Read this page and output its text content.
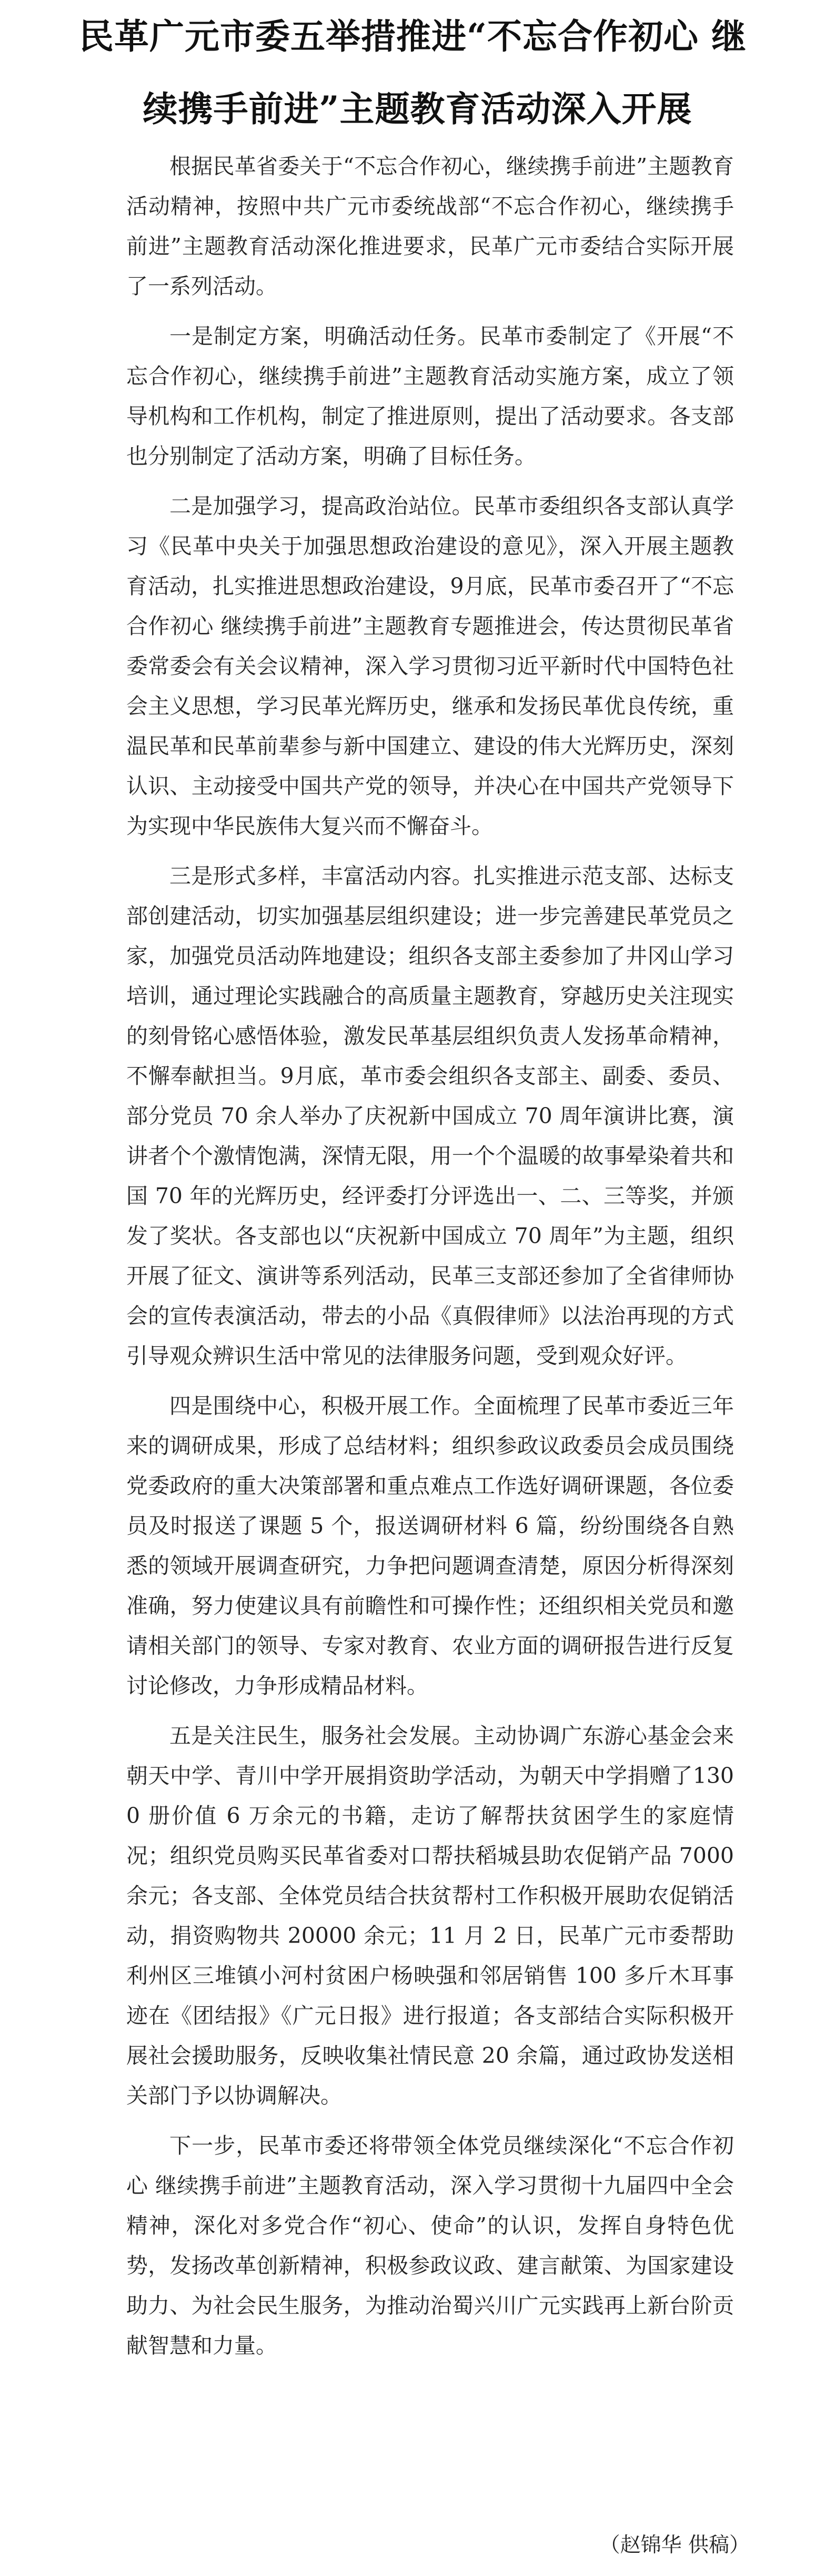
民革广元市委五举措推进“不忘合作初心 继
续携手前进”主题教育活动深入开展

根据民革省委关于“不忘合作初心，继续携手前进”主题教育活动精神，按照中共广元市委统战部“不忘合作初心，继续携手前进”主题教育活动深化推进要求，民革广元市委结合实际开展了一系列活动。

一是制定方案，明确活动任务。民革市委制定了《开展“不忘合作初心，继续携手前进”主题教育活动实施方案，成立了领导机构和工作机构，制定了推进原则，提出了活动要求。各支部也分别制定了活动方案，明确了目标任务。

二是加强学习，提高政治站位。民革市委组织各支部认真学习《民革中央关于加强思想政治建设的意见》，深入开展主题教育活动，扎实推进思想政治建设，9月底，民革市委召开了“不忘合作初心 继续携手前进”主题教育专题推进会，传达贯彻民革省委常委会有关会议精神，深入学习贯彻习近平新时代中国特色社会主义思想，学习民革光辉历史，继承和发扬民革优良传统，重温民革和民革前辈参与新中国建立、建设的伟大光辉历史，深刻认识、主动接受中国共产党的领导，并决心在中国共产党领导下为实现中华民族伟大复兴而不懈奋斗。

三是形式多样，丰富活动内容。扎实推进示范支部、达标支部创建活动，切实加强基层组织建设；进一步完善建民革党员之家，加强党员活动阵地建设；组织各支部主委参加了井冈山学习培训，通过理论实践融合的高质量主题教育，穿越历史关注现实的刻骨铭心感悟体验，激发民革基层组织负责人发扬革命精神，不懈奉献担当。9月底，革市委会组织各支部主、副委、委员、部分党员 70 余人举办了庆祝新中国成立 70 周年演讲比赛，演讲者个个激情饱满，深情无限，用一个个温暖的故事晕染着共和国 70 年的光辉历史，经评委打分评选出一、二、三等奖，并颁发了奖状。各支部也以“庆祝新中国成立 70 周年”为主题，组织开展了征文、演讲等系列活动，民革三支部还参加了全省律师协会的宣传表演活动，带去的小品《真假律师》以法治再现的方式引导观众辨识生活中常见的法律服务问题，受到观众好评。

四是围绕中心，积极开展工作。全面梳理了民革市委近三年来的调研成果，形成了总结材料；组织参政议政委员会成员围绕党委政府的重大决策部署和重点难点工作选好调研课题，各位委员及时报送了课题 5 个，报送调研材料 6 篇，纷纷围绕各自熟悉的领域开展调查研究，力争把问题调查清楚，原因分析得深刻准确，努力使建议具有前瞻性和可操作性；还组织相关党员和邀请相关部门的领导、专家对教育、农业方面的调研报告进行反复讨论修改，力争形成精品材料。

五是关注民生，服务社会发展。主动协调广东游心基金会来朝天中学、青川中学开展捐资助学活动，为朝天中学捐赠了1300 册价值 6 万余元的书籍，走访了解帮扶贫困学生的家庭情况；组织党员购买民革省委对口帮扶稻城县助农促销产品 7000余元；各支部、全体党员结合扶贫帮村工作积极开展助农促销活动，捐资购物共 20000 余元；11 月 2 日，民革广元市委帮助利州区三堆镇小河村贫困户杨映强和邻居销售 100 多斤木耳事迹在《团结报》《广元日报》进行报道；各支部结合实际积极开展社会援助服务，反映收集社情民意 20 余篇，通过政协发送相关部门予以协调解决。

下一步，民革市委还将带领全体党员继续深化“不忘合作初心 继续携手前进”主题教育活动，深入学习贯彻十九届四中全会精神，深化对多党合作“初心、使命”的认识，发挥自身特色优势，发扬改革创新精神，积极参政议政、建言献策、为国家建设助力、为社会民生服务，为推动治蜀兴川广元实践再上新台阶贡献智慧和力量。

（赵锦华 供稿）
